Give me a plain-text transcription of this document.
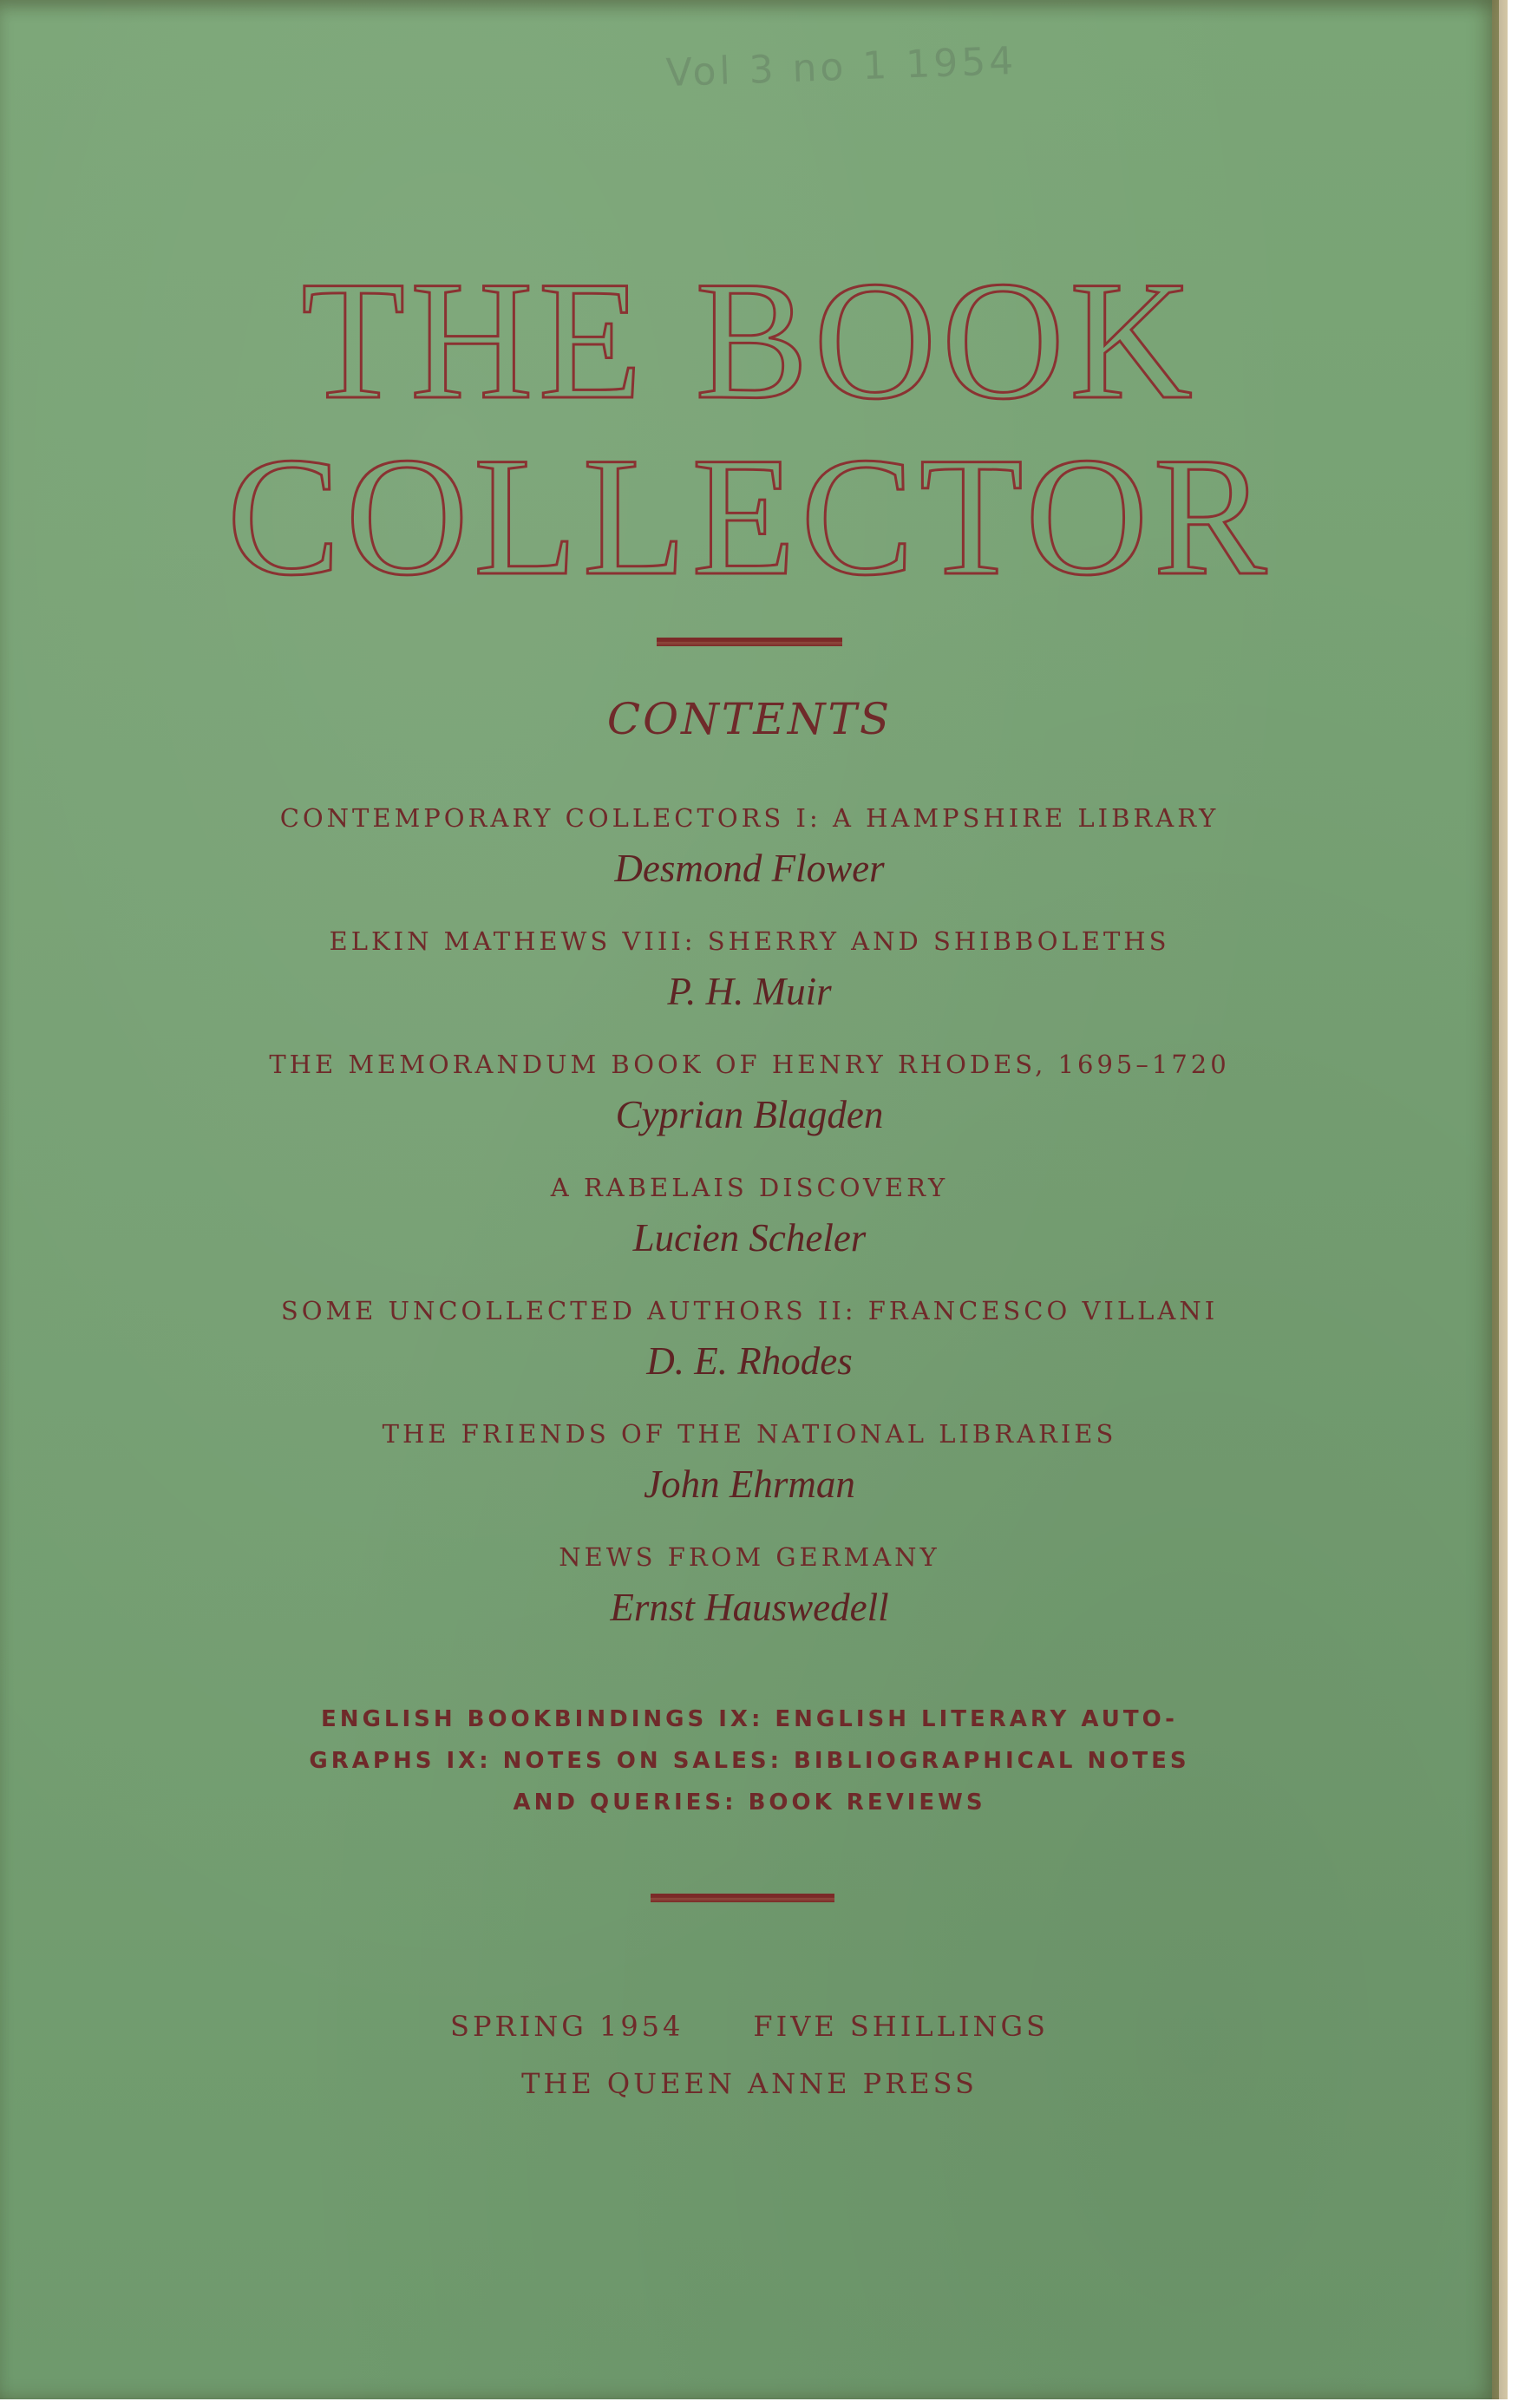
Vol 3 no 1 1954
THE BOOK
COLLECTOR
CONTENTS
CONTEMPORARY COLLECTORS I: A HAMPSHIRE LIBRARY
Desmond Flower
ELKIN MATHEWS VIII: SHERRY AND SHIBBOLETHS
P. H. Muir
THE MEMORANDUM BOOK OF HENRY RHODES, 1695–1720
Cyprian Blagden
A RABELAIS DISCOVERY
Lucien Scheler
SOME UNCOLLECTED AUTHORS II: FRANCESCO VILLANI
D. E. Rhodes
THE FRIENDS OF THE NATIONAL LIBRARIES
John Ehrman
NEWS FROM GERMANY
Ernst Hauswedell
ENGLISH BOOKBINDINGS IX: ENGLISH LITERARY AUTO-
GRAPHS IX: NOTES ON SALES: BIBLIOGRAPHICAL NOTES
AND QUERIES: BOOK REVIEWS
SPRING 1954	FIVE SHILLINGS
THE QUEEN ANNE PRESS
